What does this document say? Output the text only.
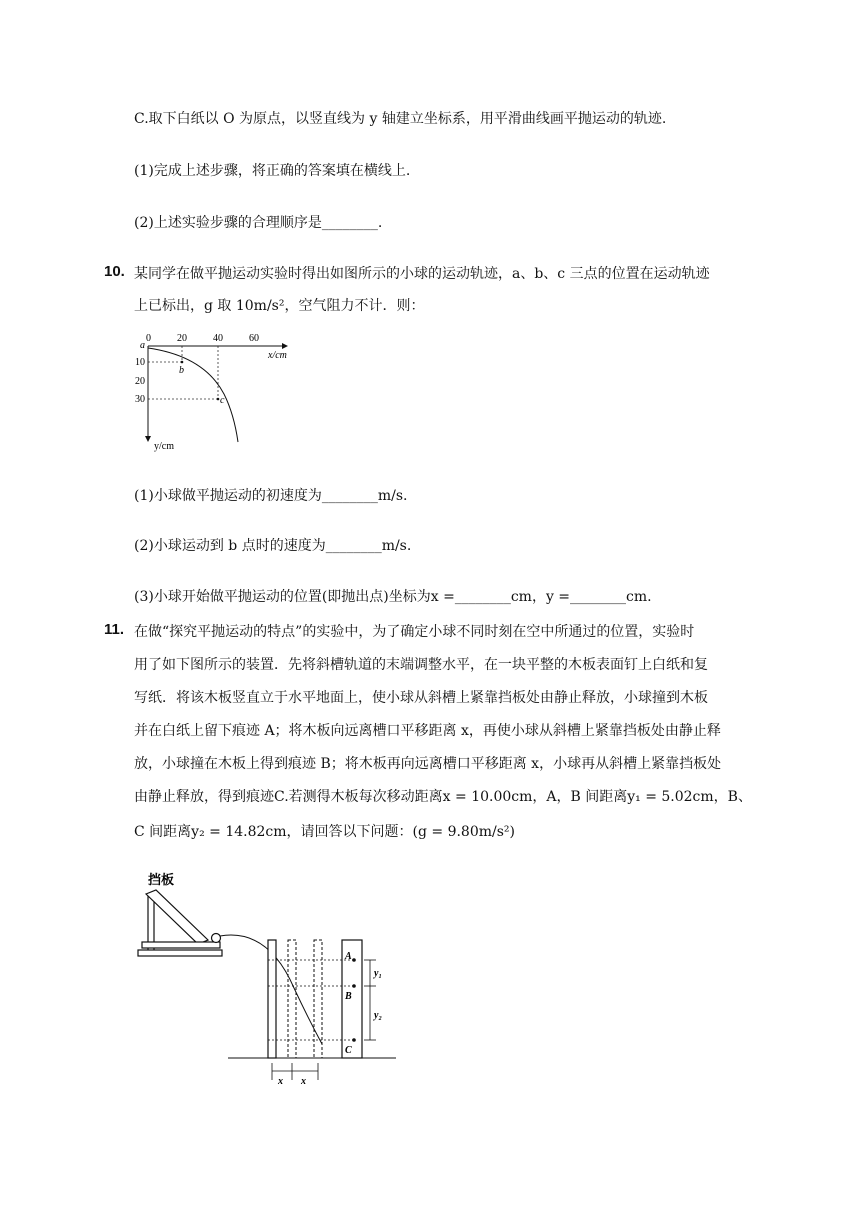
C.取下白纸以 O 为原点，以竖直线为 y 轴建立坐标系，用平滑曲线画平抛运动的轨迹.
(1)完成上述步骤，将正确的答案填在横线上.
(2)上述实验步骤的合理顺序是________.
10. 某同学在做平抛运动实验时得出如图所示的小球的运动轨迹，a、b、c 三点的位置在运动轨迹
上已标出，g 取 10m/s²，空气阻力不计．则：
0	20	40	60
10
20
30
x/cm
y/cm
a
b
c
(1)小球做平抛运动的初速度为________m/s.
(2)小球运动到 b 点时的速度为________m/s.
(3)小球开始做平抛运动的位置(即抛出点)坐标为x =________cm，y =________cm.
11. 在做“探究平抛运动的特点”的实验中，为了确定小球不同时刻在空中所通过的位置，实验时
用了如下图所示的装置．先将斜槽轨道的末端调整水平，在一块平整的木板表面钉上白纸和复
写纸．将该木板竖直立于水平地面上，使小球从斜槽上紧靠挡板处由静止释放，小球撞到木板
并在白纸上留下痕迹 A；将木板向远离槽口平移距离 x，再使小球从斜槽上紧靠挡板处由静止释
放，小球撞在木板上得到痕迹 B；将木板再向远离槽口平移距离 x，小球再从斜槽上紧靠挡板处
由静止释放，得到痕迹C.若测得木板每次移动距离x = 10.00cm，A，B 间距离y₁ = 5.02cm，B、
C 间距离y₂ = 14.82cm，请回答以下问题：(g = 9.80m/s²)
挡板
A
B
C
y₁
y₂
x x
